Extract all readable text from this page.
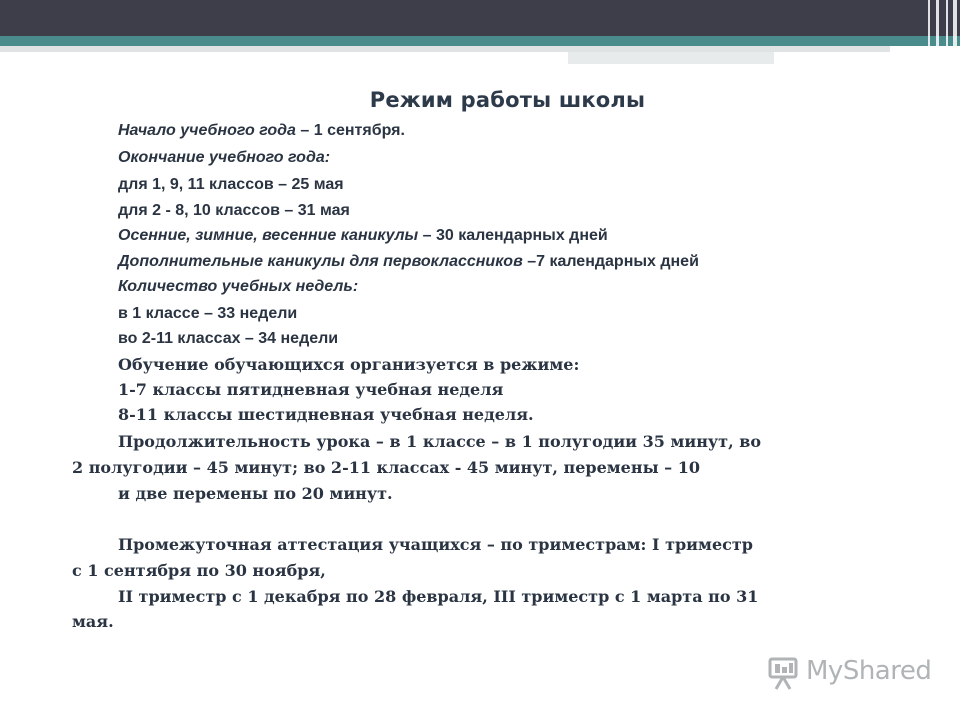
Режим работы школы
Начало учебного года – 1 сентября.
Окончание учебного года:
для 1, 9, 11 классов – 25 мая
для 2 - 8, 10 классов – 31 мая
Осенние, зимние, весенние каникулы – 30 календарных дней
Дополнительные каникулы для первоклассников –7 календарных дней
Количество учебных недель:
в 1 классе – 33 недели
во 2-11 классах – 34 недели
Обучение обучающихся организуется в режиме:
1-7 классы пятидневная учебная неделя
8-11 классы шестидневная учебная неделя.
Продолжительность урока – в 1 классе – в 1 полугодии 35 минут, во
2 полугодии – 45 минут; во 2-11 классах - 45 минут, перемены – 10
и две перемены по 20 минут.
Промежуточная аттестация учащихся – по триместрам: I триместр
с 1 сентября по 30 ноября,
II триместр с 1 декабря по 28 февраля, III триместр с 1 марта по 31
мая.
MyShared
